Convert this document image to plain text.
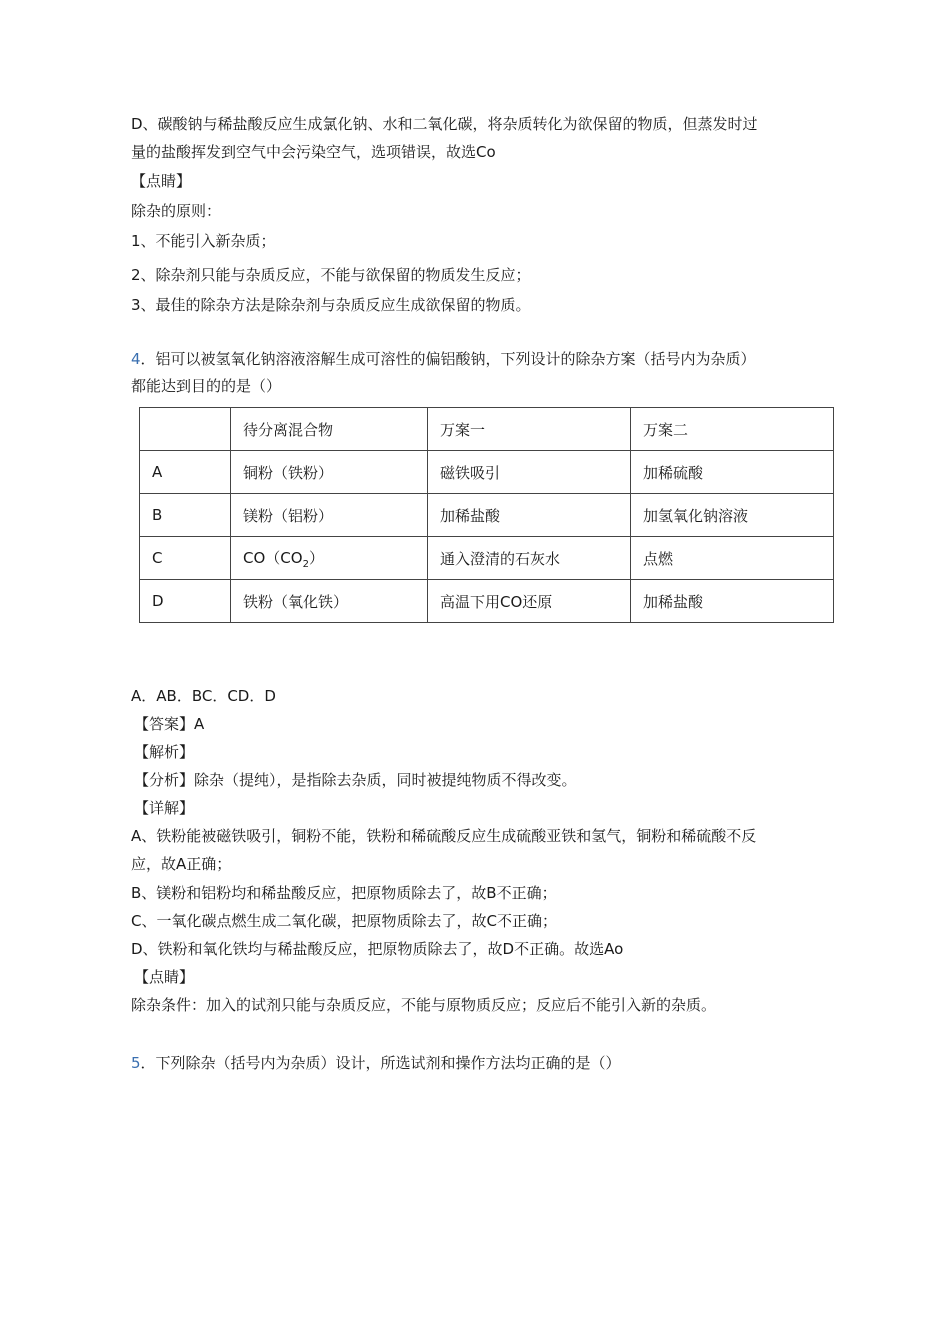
D、碳酸钠与稀盐酸反应生成氯化钠、水和二氧化碳，将杂质转化为欲保留的物质，但蒸发时过
量的盐酸挥发到空气中会污染空气，选项错误，故选Co
【点睛】
除杂的原则：
1、不能引入新杂质；
2、除杂剂只能与杂质反应，不能与欲保留的物质发生反应；
3、最佳的除杂方法是除杂剂与杂质反应生成欲保留的物质。
4．铝可以被氢氧化钠溶液溶解生成可溶性的偏铝酸钠，下列设计的除杂方案（括号内为杂质）
都能达到目的的是（）
	待分离混合物	万案一	万案二
A	铜粉（铁粉）	磁铁吸引	加稀硫酸
B	镁粉（铝粉）	加稀盐酸	加氢氧化钠溶液
C	$CO(CO_2)$	通入澄清的石灰水	点燃
D	铁粉（氧化铁）	高温下用CO还原	加稀盐酸
A．AB．BC．CD．D
【答案】A
【解析】
【分析】除杂（提纯），是指除去杂质，同时被提纯物质不得改变。
【详解】
A、铁粉能被磁铁吸引，铜粉不能，铁粉和稀硫酸反应生成硫酸亚铁和氢气，铜粉和稀硫酸不反
应，故A正确；
B、镁粉和铝粉均和稀盐酸反应，把原物质除去了，故B不正确；
C、一氧化碳点燃生成二氧化碳，把原物质除去了，故C不正确；
D、铁粉和氧化铁均与稀盐酸反应，把原物质除去了，故D不正确。故选Ao
【点睛】
除杂条件：加入的试剂只能与杂质反应，不能与原物质反应；反应后不能引入新的杂质。
5．下列除杂（括号内为杂质）设计，所选试剂和操作方法均正确的是（）
